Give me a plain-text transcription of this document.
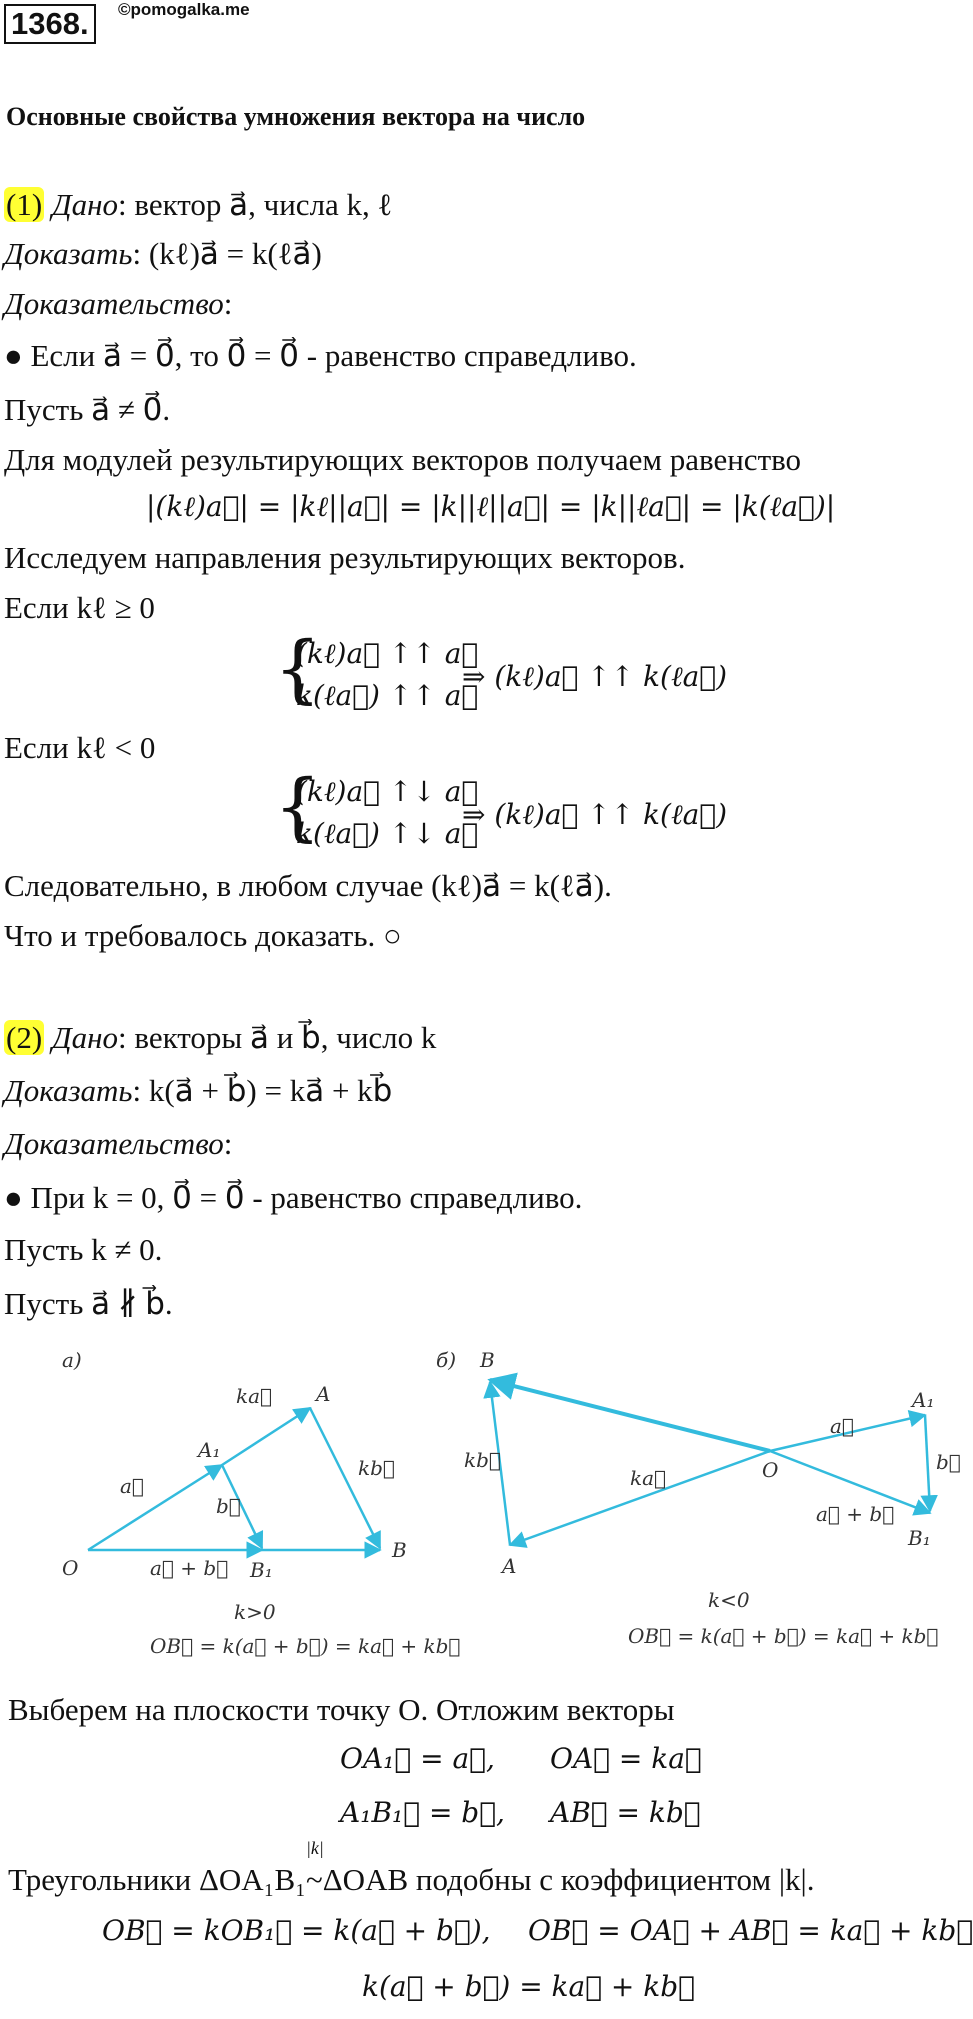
1368.	©pomogalka.me
Основные свойства умножения вектора на число
(1) Дано: вектор a⃗, числа k, ℓ
Доказать: (kℓ)a⃗ = k(ℓa⃗)
Доказательство:
● Если a⃗ = 0⃗, то 0⃗ = 0⃗ - равенство справедливо.
Пусть a⃗ ≠ 0⃗.
Для модулей результирующих векторов получаем равенство
|(kℓ)a⃗| = |kℓ||a⃗| = |k||ℓ||a⃗| = |k||ℓa⃗| = |k(ℓa⃗)|
Исследуем направления результирующих векторов.
Если kℓ ≥ 0
{
(kℓ)a⃗ ↑↑ a⃗
k(ℓa⃗) ↑↑ a⃗
⇒ (kℓ)a⃗ ↑↑ k(ℓa⃗)
Если kℓ < 0
{
(kℓ)a⃗ ↑↓ a⃗
k(ℓa⃗) ↑↓ a⃗
⇒ (kℓ)a⃗ ↑↑ k(ℓa⃗)
Следовательно, в любом случае (kℓ)a⃗ = k(ℓa⃗).
Что и требовалось доказать. ○
(2) Дано: векторы a⃗ и b⃗, число k
Доказать: k(a⃗ + b⃗) = ka⃗ + kb⃗
Доказательство:
● При k = 0, 0⃗ = 0⃗ - равенство справедливо.
Пусть k ≠ 0.
Пусть a⃗ ∦ b⃗.
а)
O
A
A₁
B
B₁
ka⃗
a⃗
b⃗
kb⃗
a⃗ + b⃗
k>0
OB⃗ = k(a⃗ + b⃗) = ka⃗ + kb⃗
б) B
A
O
A₁
B₁
a⃗
ka⃗
kb⃗	b⃗
a⃗ + b⃗
k<0
OB⃗ = k(a⃗ + b⃗) = ka⃗ + kb⃗
Выберем на плоскости точку O. Отложим векторы
OA₁⃗ = a⃗, OA⃗ = ka⃗
A₁B₁⃗ = b⃗, AB⃗ = kb⃗
Треугольники ΔOA₁B₁
|k|
~ΔOAB подобны с коэффициентом |k|.
OB⃗ = kOB₁⃗ = k(a⃗ + b⃗), OB⃗ = OA⃗ + AB⃗ = ka⃗ + kb⃗
k(a⃗ + b⃗) = ka⃗ + kb⃗
